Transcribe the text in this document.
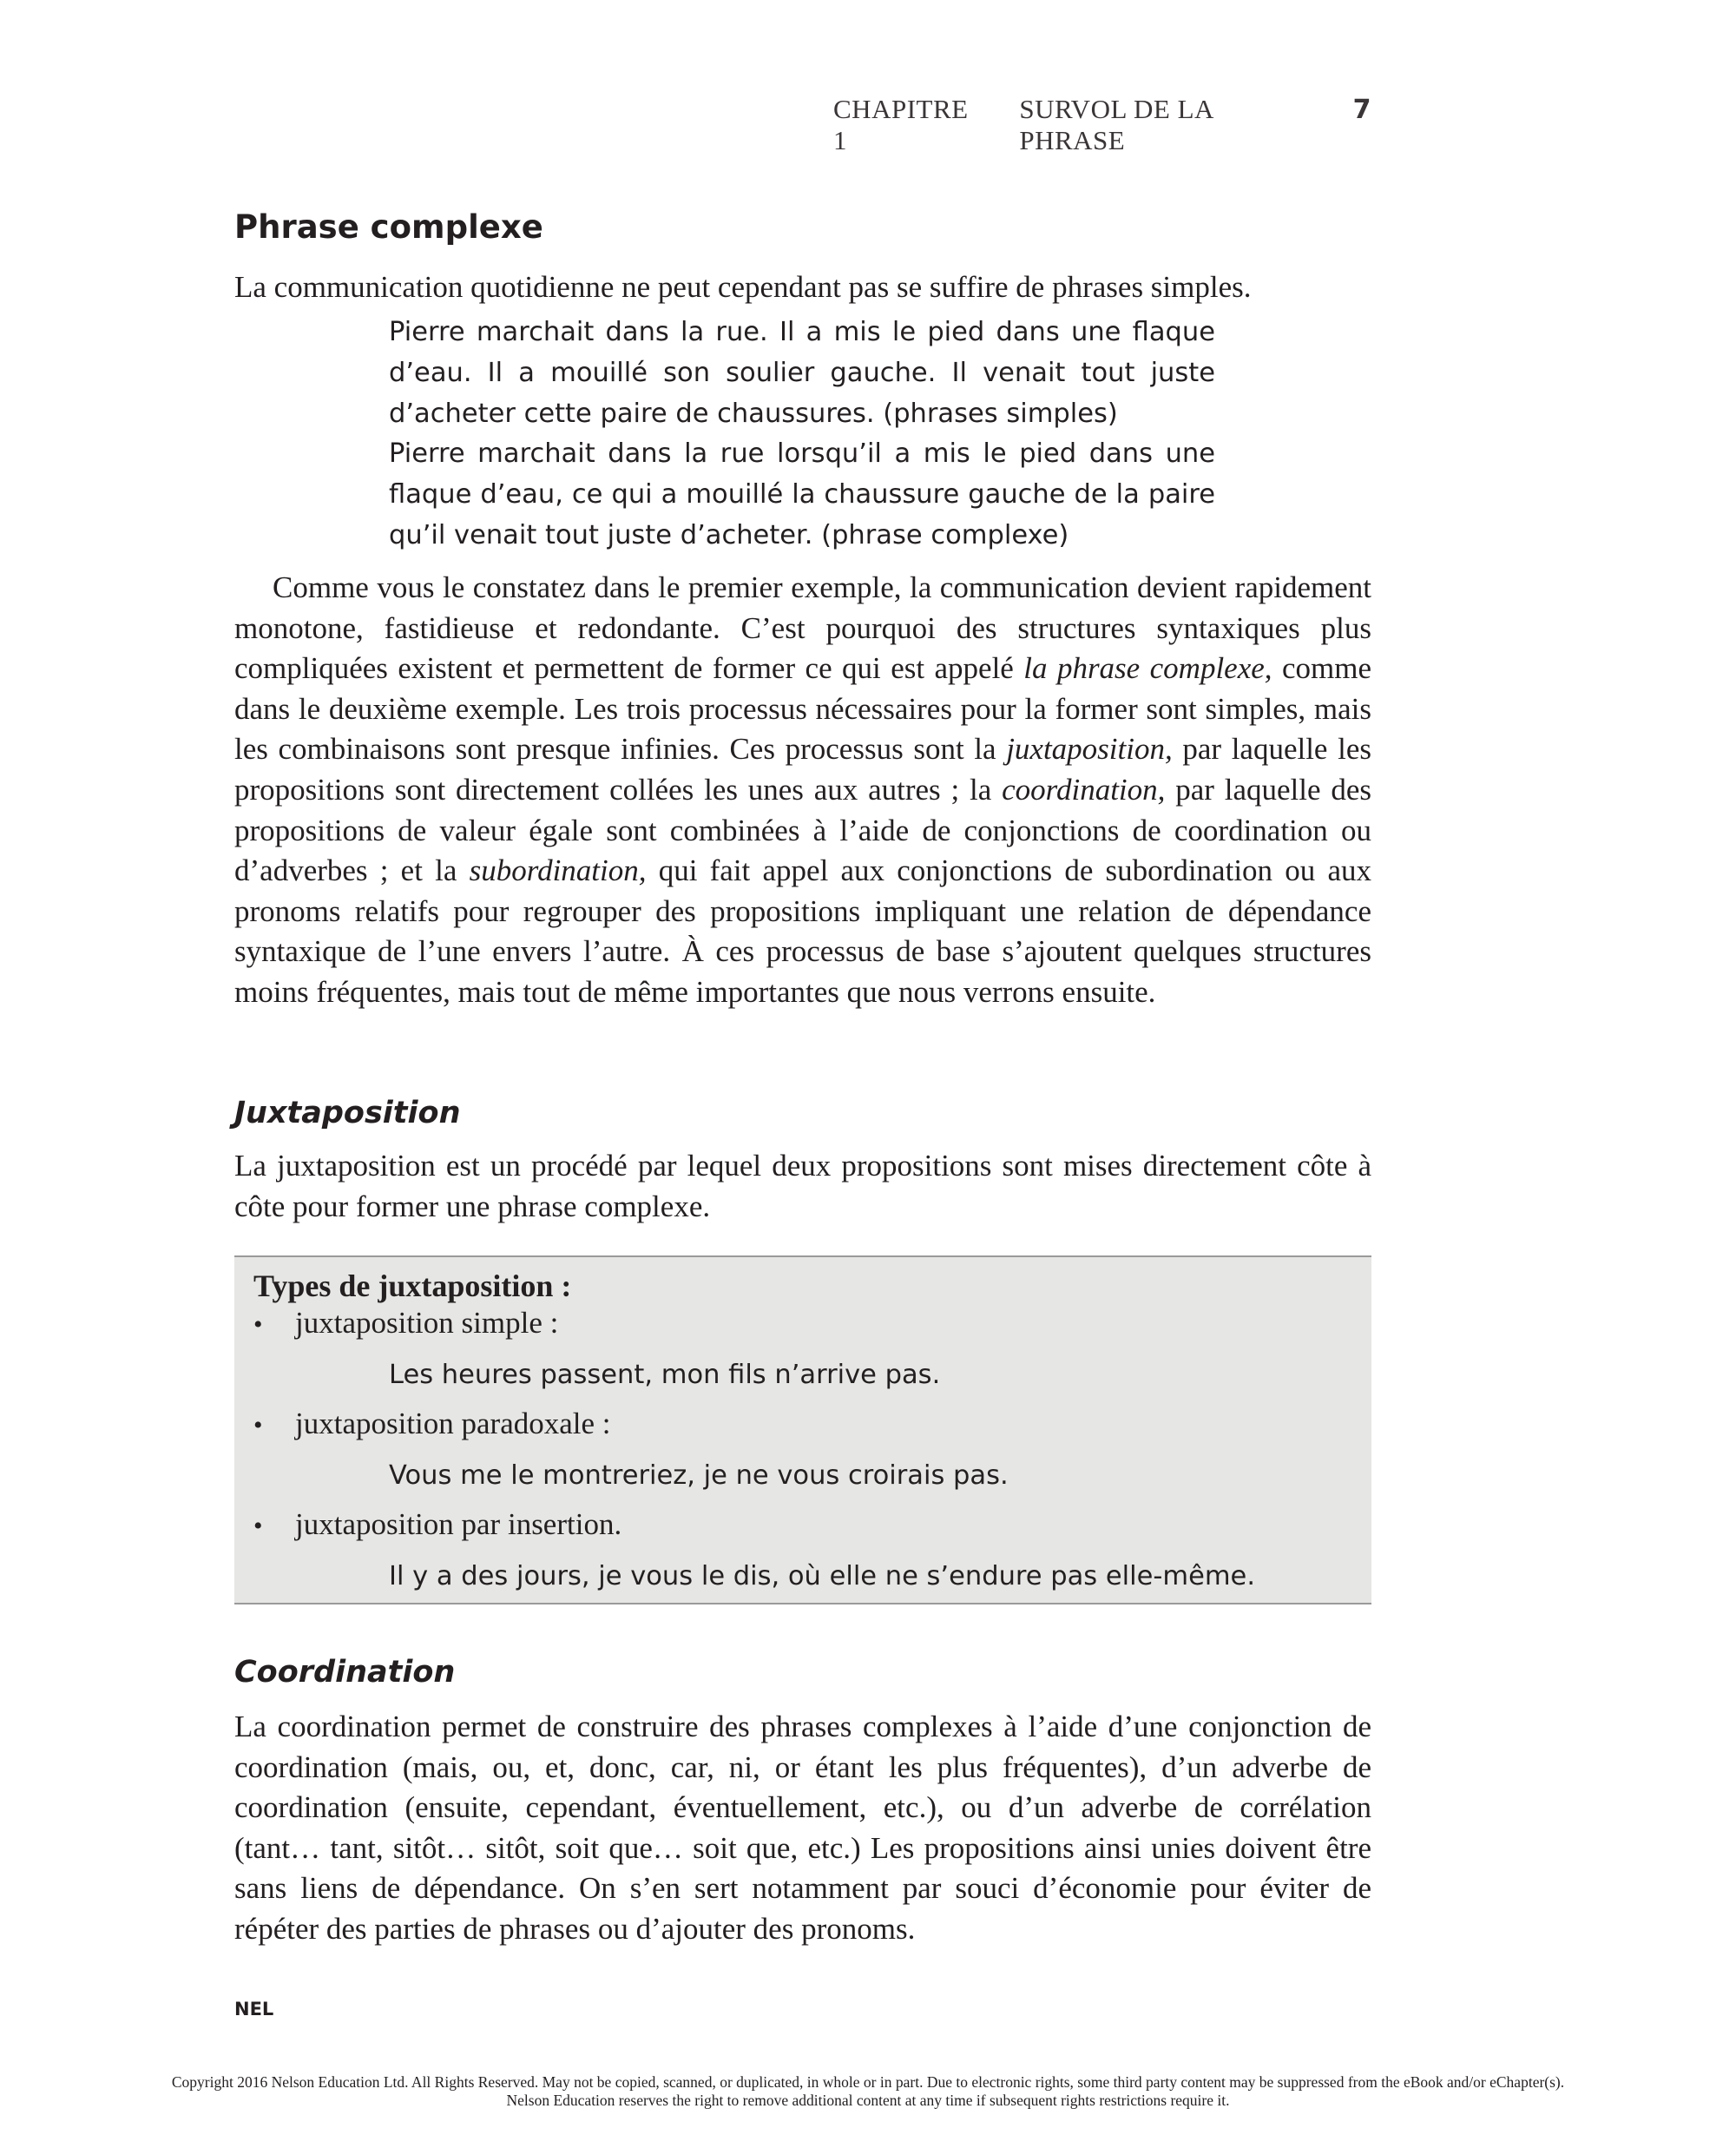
CHAPITRE 1
SURVOL DE LA PHRASE
7
Phrase complexe

La communication quotidienne ne peut cependant pas se suffire de phrases simples.

Pierre marchait dans la rue. Il a mis le pied dans une flaque d’eau. Il a mouillé son soulier gauche. Il venait tout juste d’acheter cette paire de chaussures. (phrases simples)

Pierre marchait dans la rue lorsqu’il a mis le pied dans une flaque d’eau, ce qui a mouillé la chaussure gauche de la paire qu’il venait tout juste d’acheter. (phrase complexe)

Comme vous le constatez dans le premier exemple, la communication devient rapidement monotone, fastidieuse et redondante. C’est pourquoi des structures syntaxiques plus compliquées existent et permettent de former ce qui est appelé la phrase complexe, comme dans le deuxième exemple. Les trois processus nécessaires pour la former sont simples, mais les combinaisons sont presque infinies. Ces processus sont la juxtaposition, par laquelle les propositions sont directement collées les unes aux autres ; la coordination, par laquelle des propositions de valeur égale sont combinées à l’aide de conjonctions de coordination ou d’adverbes ; et la subordination, qui fait appel aux conjonctions de subordination ou aux pronoms relatifs pour regrouper des propositions impliquant une relation de dépendance syntaxique de l’une envers l’autre. À ces processus de base s’ajoutent quelques structures moins fréquentes, mais tout de même importantes que nous verrons ensuite.

Juxtaposition

La juxtaposition est un procédé par lequel deux propositions sont mises directement côte à côte pour former une phrase complexe.

Types de juxtaposition :
•	juxtaposition simple :
Les heures passent, mon fils n’arrive pas.
•	juxtaposition paradoxale :
Vous me le montreriez, je ne vous croirais pas.
•	juxtaposition par insertion.
Il y a des jours, je vous le dis, où elle ne s’endure pas elle-même.
Coordination

La coordination permet de construire des phrases complexes à l’aide d’une conjonction de coordination (mais, ou, et, donc, car, ni, or étant les plus fréquentes), d’un adverbe de coordination (ensuite, cependant, éventuellement, etc.), ou d’un adverbe de corrélation (tant… tant, sitôt… sitôt, soit que… soit que, etc.) Les propositions ainsi unies doivent être sans liens de dépendance. On s’en sert notamment par souci d’économie pour éviter de répéter des parties de phrases ou d’ajouter des pronoms.

NEL
Copyright 2016 Nelson Education Ltd. All Rights Reserved. May not be copied, scanned, or duplicated, in whole or in part. Due to electronic rights, some third party content may be suppressed from the eBook and/or eChapter(s).
Nelson Education reserves the right to remove additional content at any time if subsequent rights restrictions require it.
